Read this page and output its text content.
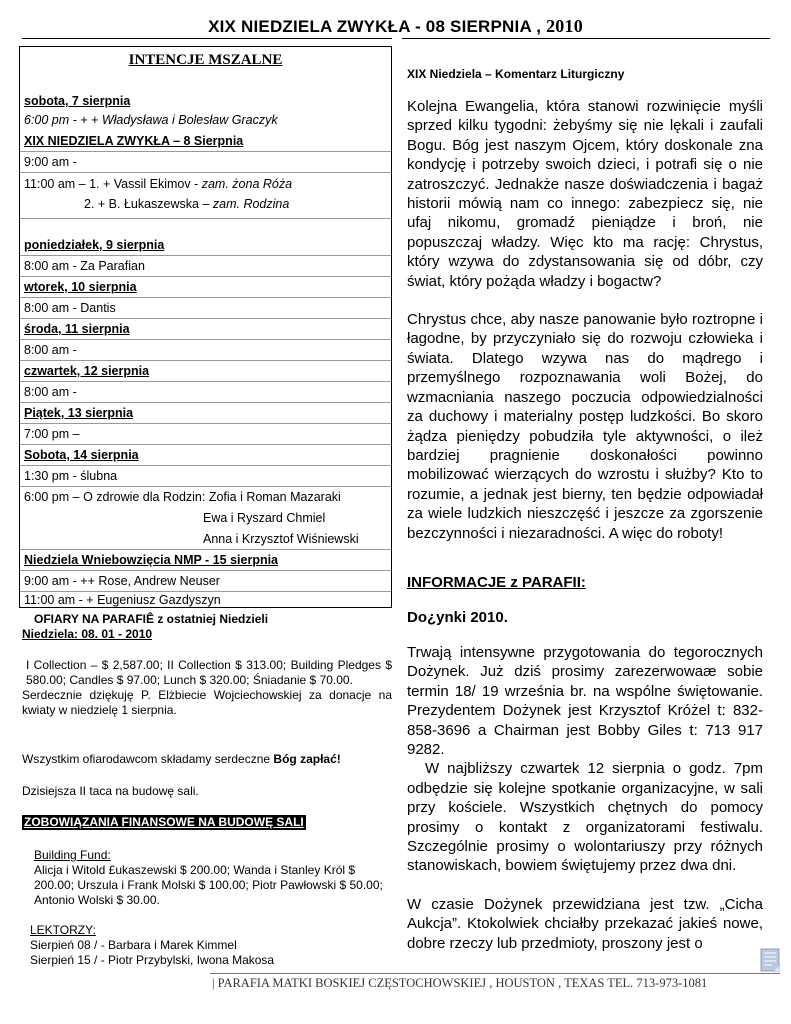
XIX NIEDZIELA ZWYKŁA - 08 SIERPNIA , 2010
INTENCJE MSZALNE
sobota, 7 sierpnia
6:00 pm - + + Władysława i Bolesław Graczyk
XIX NIEDZIELA ZWYKŁA – 8 Sierpnia
9:00 am -
11:00 am – 1. + Vassil Ekimov - zam. żona Róża
2. + B. Łukaszewska – zam. Rodzina
poniedziałek, 9 sierpnia
8:00 am - Za Parafian
wtorek, 10 sierpnia
8:00 am - Dantis
środa, 11 sierpnia
8:00 am -
czwartek, 12 sierpnia
8:00 am -
Piątek, 13 sierpnia
7:00 pm –
Sobota, 14 sierpnia
1:30 pm - ślubna
6:00 pm – O zdrowie dla Rodzin: Zofia i Roman Mazaraki
Ewa i Ryszard Chmiel
Anna i Krzysztof Wiśniewski
Niedziela Wniebowzięcia NMP - 15 sierpnia
9:00 am - ++ Rose, Andrew Neuser
11:00 am - + Eugeniusz Gazdyszyn
OFIARY NA PARAFIÊ z ostatniej Niedzieli
Niedziela: 08. 01 - 2010
I Collection – $ 2,587.00; II Collection $ 313.00; Building Pledges $ 580.00; Candles $ 97.00; Lunch $ 320.00; Śniadanie $ 70.00.
Serdecznie dziękuję P. Elżbiecie Wojciechowskiej za donacje na kwiaty w niedzielę 1 sierpnia.
Wszystkim ofiarodawcom składamy serdeczne Bóg zapłać!
Dzisiejsza II taca na budowę sali.
ZOBOWIĄZANIA FINANSOWE NA BUDOWĘ SALI
Building Fund:
Alicja i Witold £ukaszewski $ 200.00; Wanda i Stanley Król $ 200.00; Urszula i Frank Molski $ 100.00; Piotr Pawłowski $ 50.00; Antonio Wolski $ 30.00.
LEKTORZY:
Sierpień 08 / - Barbara i Marek Kimmel
Sierpień 15 / - Piotr Przybylski, Iwona Makosa
XIX Niedziela – Komentarz Liturgiczny
Kolejna Ewangelia, która stanowi rozwinięcie myśli sprzed kilku tygodni: żebyśmy się nie lękali i zaufali Bogu. Bóg jest naszym Ojcem, który doskonale zna kondycję i potrzeby swoich dzieci, i potrafi się o nie zatroszczyć. Jednakże nasze doświadczenia i bagaż historii mówią nam co innego: zabezpiecz się, nie ufaj nikomu, gromadź pieniądze i broń, nie popuszczaj władzy. Więc kto ma rację: Chrystus, który wzywa do zdystansowania się od dóbr, czy świat, który pożąda władzy i bogactw?
Chrystus chce, aby nasze panowanie było roztropne i łagodne, by przyczyniało się do rozwoju człowieka i świata. Dlatego wzywa nas do mądrego i przemyślnego rozpoznawania woli Bożej, do wzmacniania naszego poczucia odpowiedzialności za duchowy i materialny postęp ludzkości. Bo skoro żądza pieniędzy pobudziła tyle aktywności, o ileż bardziej pragnienie doskonałości powinno mobilizować wierzących do wzrostu i służby? Kto to rozumie, a jednak jest bierny, ten będzie odpowiadał za wiele ludzkich nieszczęść i jeszcze za zgorszenie bezczynności i niezaradności. A więc do roboty!
INFORMACJE z PARAFII:
Do¿ynki 2010.
Trwają intensywne przygotowania do tegorocznych Dożynek. Już dziś prosimy zarezerwowaæ sobie termin 18/ 19 września br. na wspólne świętowanie. Prezydentem Dożynek jest Krzysztof Króżel t: 832-858-3696 a Chairman jest Bobby Giles t: 713 917 9282.
W najbliższy czwartek 12 sierpnia o godz. 7pm odbędzie się kolejne spotkanie organizacyjne, w sali przy kościele. Wszystkich chętnych do pomocy prosimy o kontakt z organizatorami festiwalu. Szczególnie prosimy o wolontariuszy przy różnych stanowiskach, bowiem świętujemy przez dwa dni.
W czasie Dożynek przewidziana jest tzw. „Cicha Aukcja”. Ktokolwiek chciałby przekazać jakieś nowe, dobre rzeczy lub przedmioty, proszony jest o
| PARAFIA MATKI BOSKIEJ CZĘSTOCHOWSKIEJ , HOUSTON , TEXAS TEL. 713-973-1081
